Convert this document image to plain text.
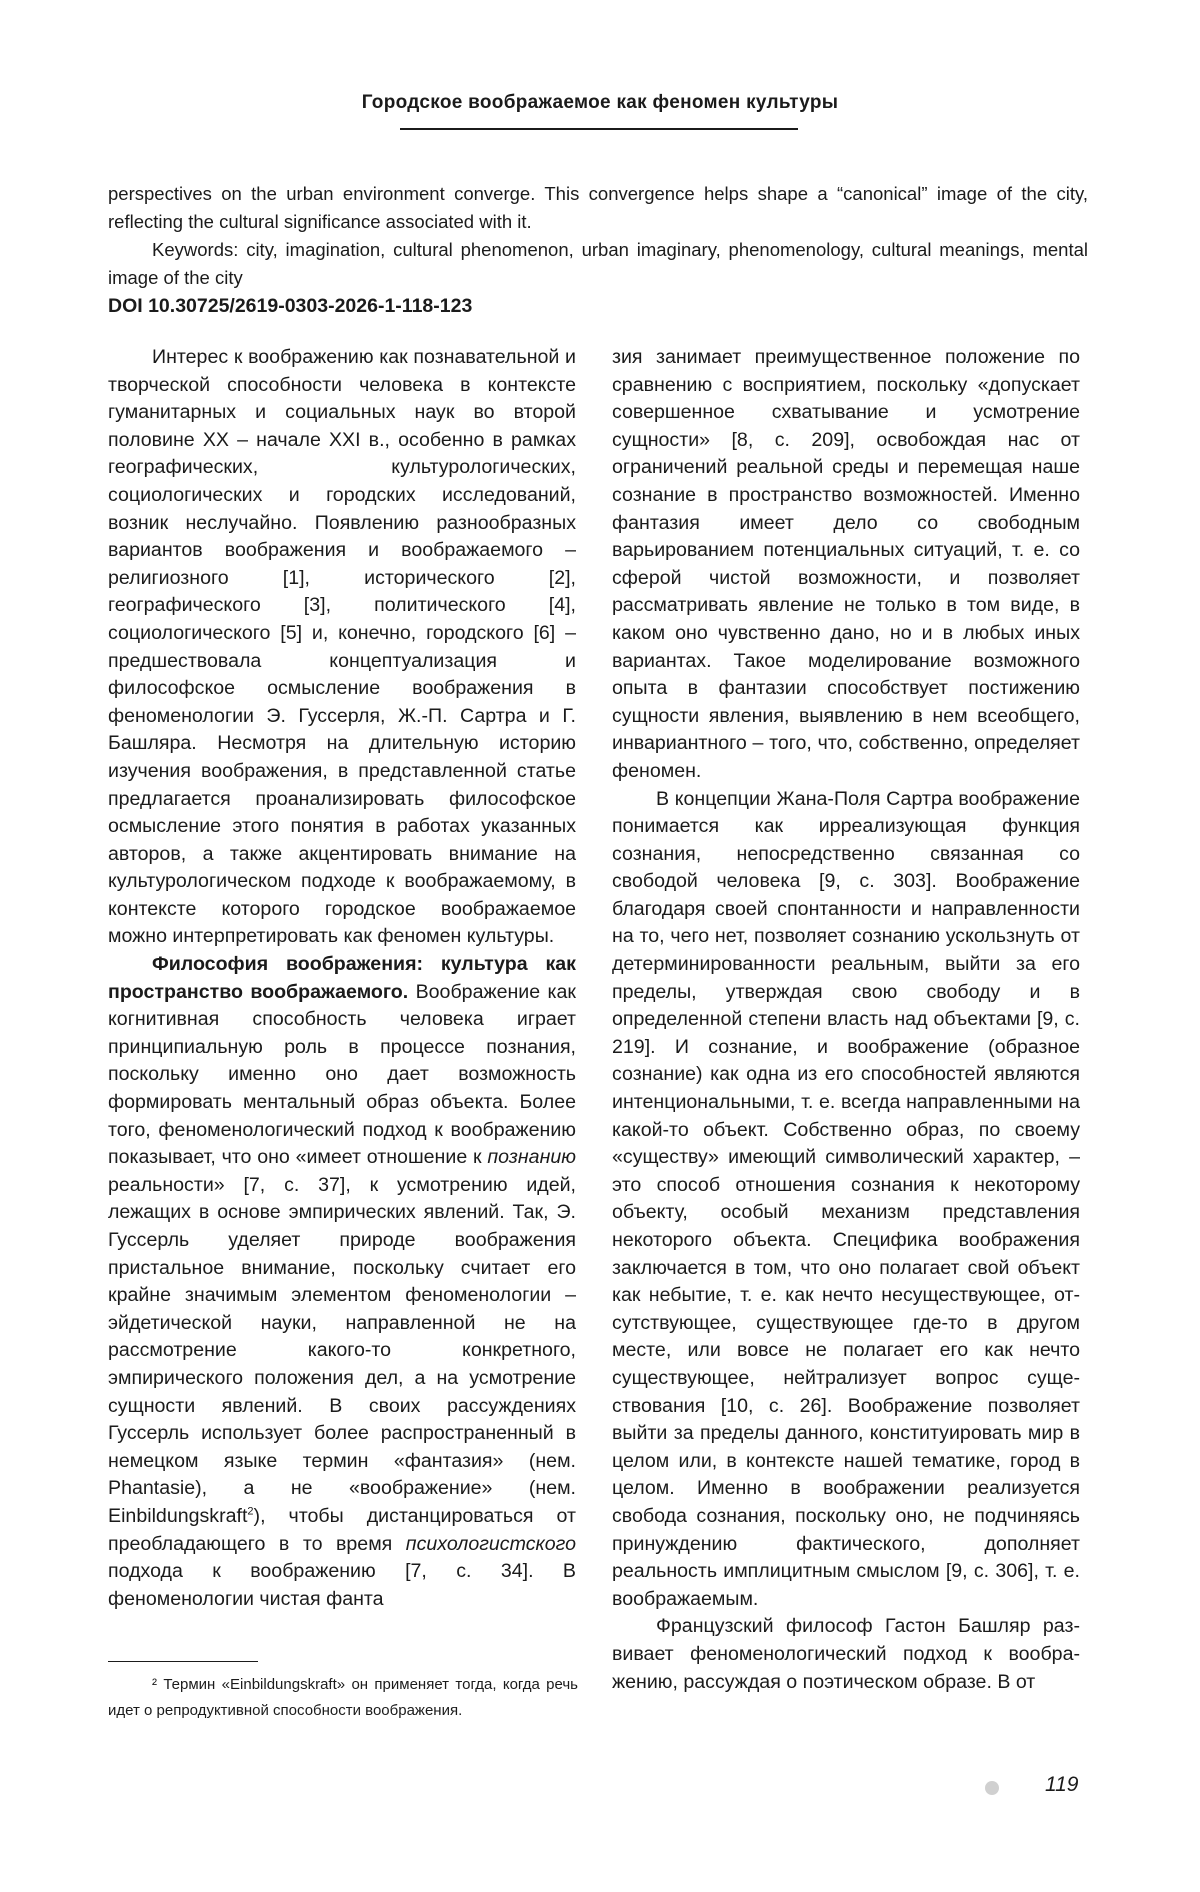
Городское воображаемое как феномен культуры

perspectives on the urban environment converge. This convergence helps shape a “canonical” image of the city, reflecting the cultural significance associated with it.

Keywords: city, imagination, cultural phenomenon, urban imaginary, phenomenology, cultural meanings, mental image of the city

DOI 10.30725/2619-0303-2026-1-118-123

Интерес к воображению как познавательной и творческой способности человека в контексте гуманитарных и социальных наук во второй половине XX – начале XXI в., особенно в рамках географических, культурологических, социологических и городских исследований, возник неслучайно. Появлению разнообразных вариантов воображения и воображаемого – религиозного [1], исторического [2], географического [3], политического [4], социологического [5] и, конечно, городского [6] – предшествовала концептуализация и философское осмысление воображения в феноменологии Э. Гуссерля, Ж.-П. Сартра и Г. Башляра. Несмотря на длительную историю изучения воображения, в представленной статье предлагается проанализировать философское осмысление этого понятия в работах указанных авторов, а также акцентировать внимание на культурологическом подходе к воображаемому, в контексте которого городское воображаемое можно интерпретировать как феномен культуры.

Философия воображения: культура как пространство воображаемого. Воображение как когнитивная способность человека играет принципиальную роль в процессе познания, поскольку именно оно дает возможность формировать ментальный образ объекта. Более того, феноменологический подход к воображению показывает, что оно «имеет отношение к познанию реальности» [7, с. 37], к усмотрению идей, лежащих в основе эмпирических явлений. Так, Э. Гуссерль уделяет природе воображения пристальное внимание, поскольку считает его крайне значимым элементом феноменологии – эйдетической науки, направленной не на рассмотрение какого-то конкретного, эмпирического положения дел, а на усмотрение сущности явлений. В своих рассуждениях Гуссерль использует более распространенный в немецком языке термин «фантазия» (нем. Phantasie), а не «воображение» (нем. Einbildungskraft$^2$), чтобы дистанцироваться от преобладающего в то время психологистского подхода к воображению [7, с. 34]. В феноменологии чистая фанта

² Термин «Einbildungskraft» он применяет тогда, когда речь идет о репродуктивной способности воображения.

зия занимает преимущественное положение по сравнению с восприятием, поскольку «допускает совершенное схватывание и усмотрение сущности» [8, с. 209], освобождая нас от ограничений реальной среды и перемещая наше сознание в пространство возможностей. Именно фантазия имеет дело со свободным варьированием потенциальных ситуаций, т. е. со сферой чистой возможности, и позволяет рассматривать явление не только в том виде, в каком оно чувственно дано, но и в любых иных вариантах. Такое моделирование возможного опыта в фантазии способствует постижению сущности явления, выявлению в нем всеобщего, инвариантного – того, что, собственно, определяет феномен.

В концепции Жана-Поля Сартра воображение понимается как ирреализующая функция сознания, непосредственно связанная со свободой человека [9, с. 303]. Воображение благодаря своей спонтанности и направленности на то, чего нет, позволяет сознанию ускользнуть от детерминированности реальным, выйти за его пределы, утверждая свою свободу и в определенной степени власть над объектами [9, с. 219]. И сознание, и воображение (образное сознание) как одна из его способностей являются интенциональными, т. е. всегда направленными на какой-то объект. Собственно образ, по своему «существу» имеющий символический характер, – это способ отношения сознания к некоторому объекту, особый механизм представления некоторого объекта. Специфика воображения заключается в том, что оно полагает свой объект как небытие, т. е. как нечто несуществующее, отсутствующее, существующее где-то в другом месте, или вовсе не полагает его как нечто существующее, нейтрализует вопрос существования [10, с. 26]. Воображение позволяет выйти за пределы данного, конституировать мир в целом или, в контексте нашей тематике, город в целом. Именно в воображении реализуется свобода сознания, поскольку оно, не подчиняясь принуждению фактического, дополняет реальность имплицитным смыслом [9, с. 306], т. е. воображаемым.

Французский философ Гастон Башляр развивает феноменологический подход к воображению, рассуждая о поэтическом образе. В от

119
